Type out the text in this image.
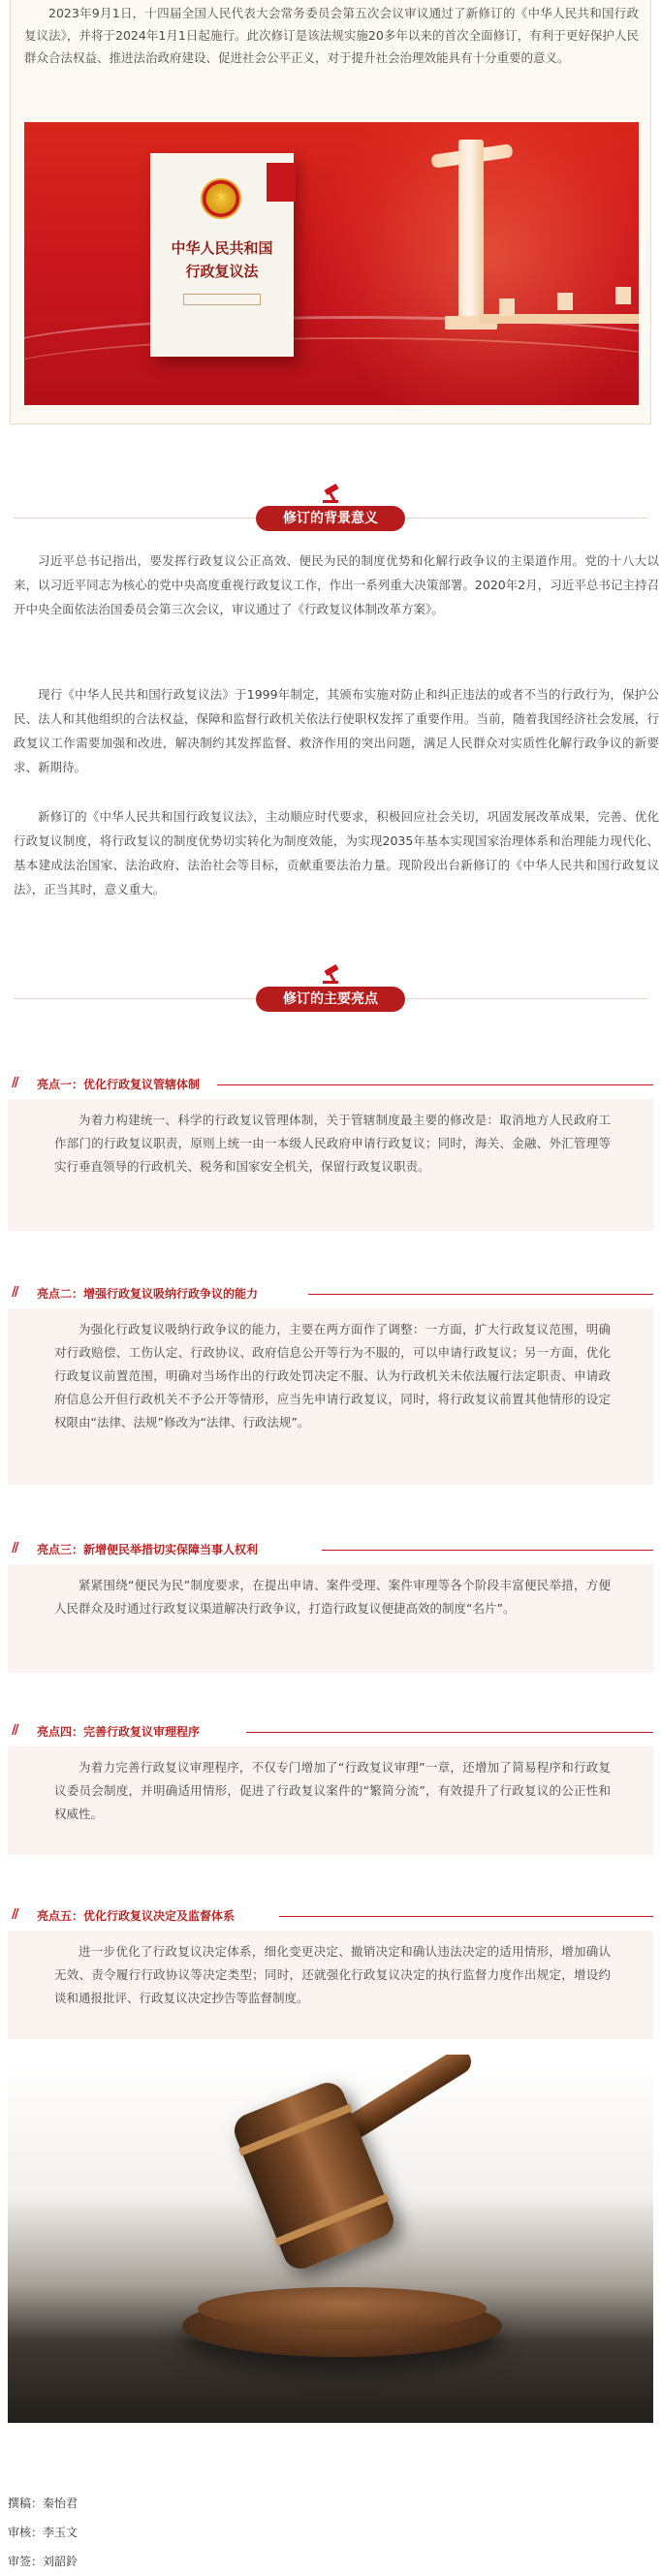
2023年9月1日，十四届全国人民代表大会常务委员会第五次会议审议通过了新修订的《中华人民共和国行政复议法》，并将于2024年1月1日起施行。此次修订是该法规实施20多年以来的首次全面修订，有利于更好保护人民群众合法权益、推进法治政府建设、促进社会公平正义，对于提升社会治理效能具有十分重要的意义。

★
中华人民共和国
行政复议法
修订的背景意义

习近平总书记指出，要发挥行政复议公正高效、便民为民的制度优势和化解行政争议的主渠道作用。党的十八大以来，以习近平同志为核心的党中央高度重视行政复议工作，作出一系列重大决策部署。2020年2月，习近平总书记主持召开中央全面依法治国委员会第三次会议，审议通过了《行政复议体制改革方案》。

现行《中华人民共和国行政复议法》于1999年制定，其颁布实施对防止和纠正违法的或者不当的行政行为，保护公民、法人和其他组织的合法权益，保障和监督行政机关依法行使职权发挥了重要作用。当前，随着我国经济社会发展，行政复议工作需要加强和改进，解决制约其发挥监督、救济作用的突出问题，满足人民群众对实质性化解行政争议的新要求、新期待。

新修订的《中华人民共和国行政复议法》，主动顺应时代要求，积极回应社会关切，巩固发展改革成果，完善、优化行政复议制度，将行政复议的制度优势切实转化为制度效能，为实现2035年基本实现国家治理体系和治理能力现代化、基本建成法治国家、法治政府、法治社会等目标，贡献重要法治力量。现阶段出台新修订的《中华人民共和国行政复议法》，正当其时，意义重大。

修订的主要亮点
// 亮点一：优化行政复议管辖体制
为着力构建统一、科学的行政复议管理体制，关于管辖制度最主要的修改是：取消地方人民政府工作部门的行政复议职责，原则上统一由一本级人民政府申请行政复议；同时，海关、金融、外汇管理等实行垂直领导的行政机关、税务和国家安全机关，保留行政复议职责。
// 亮点二：增强行政复议吸纳行政争议的能力
为强化行政复议吸纳行政争议的能力，主要在两方面作了调整：一方面，扩大行政复议范围，明确对行政赔偿、工伤认定、行政协议、政府信息公开等行为不服的，可以申请行政复议；另一方面，优化行政复议前置范围，明确对当场作出的行政处罚决定不服、认为行政机关未依法履行法定职责、申请政府信息公开但行政机关不予公开等情形，应当先申请行政复议，同时，将行政复议前置其他情形的设定权限由“法律、法规”修改为“法律、行政法规”。
// 亮点三：新增便民举措切实保障当事人权利
紧紧围绕“便民为民”制度要求，在提出申请、案件受理、案件审理等各个阶段丰富便民举措，方便人民群众及时通过行政复议渠道解决行政争议，打造行政复议便捷高效的制度“名片”。
// 亮点四：完善行政复议审理程序
为着力完善行政复议审理程序，不仅专门增加了“行政复议审理”一章，还增加了简易程序和行政复议委员会制度，并明确适用情形，促进了行政复议案件的“繁简分流”，有效提升了行政复议的公正性和权威性。
// 亮点五：优化行政复议决定及监督体系
进一步优化了行政复议决定体系，细化变更决定、撤销决定和确认违法决定的适用情形，增加确认无效、责令履行行政协议等决定类型；同时，还就强化行政复议决定的执行监督力度作出规定，增设约谈和通报批评、行政复议决定抄告等监督制度。
撰稿：秦怡君
审核：李玉文
审签：刘韶鈴
